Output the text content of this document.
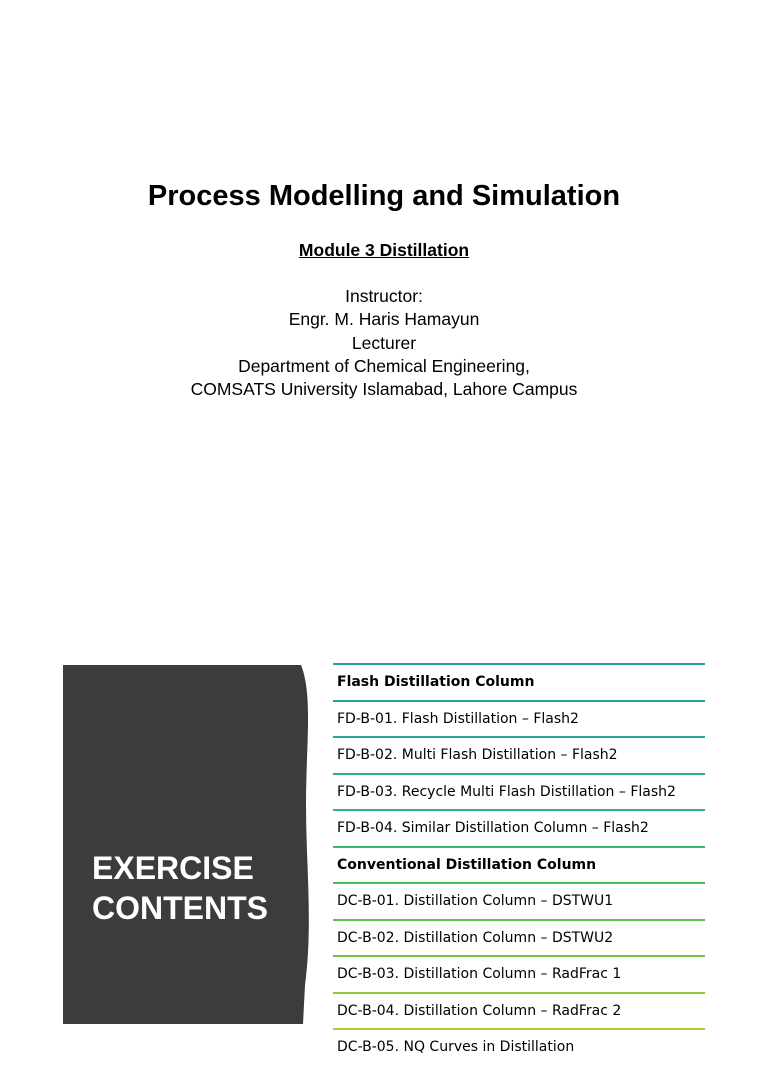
Process Modelling and Simulation
Module 3 Distillation
Instructor:
Engr. M. Haris Hamayun
Lecturer
Department of Chemical Engineering,
COMSATS University Islamabad, Lahore Campus
EXERCISE
CONTENTS
Flash Distillation Column
FD-B-01. Flash Distillation – Flash2
FD-B-02. Multi Flash Distillation – Flash2
FD-B-03. Recycle Multi Flash Distillation – Flash2
FD-B-04. Similar Distillation Column – Flash2
Conventional Distillation Column
DC-B-01. Distillation Column – DSTWU1
DC-B-02. Distillation Column – DSTWU2
DC-B-03. Distillation Column – RadFrac 1
DC-B-04. Distillation Column – RadFrac 2
DC-B-05. NQ Curves in Distillation
